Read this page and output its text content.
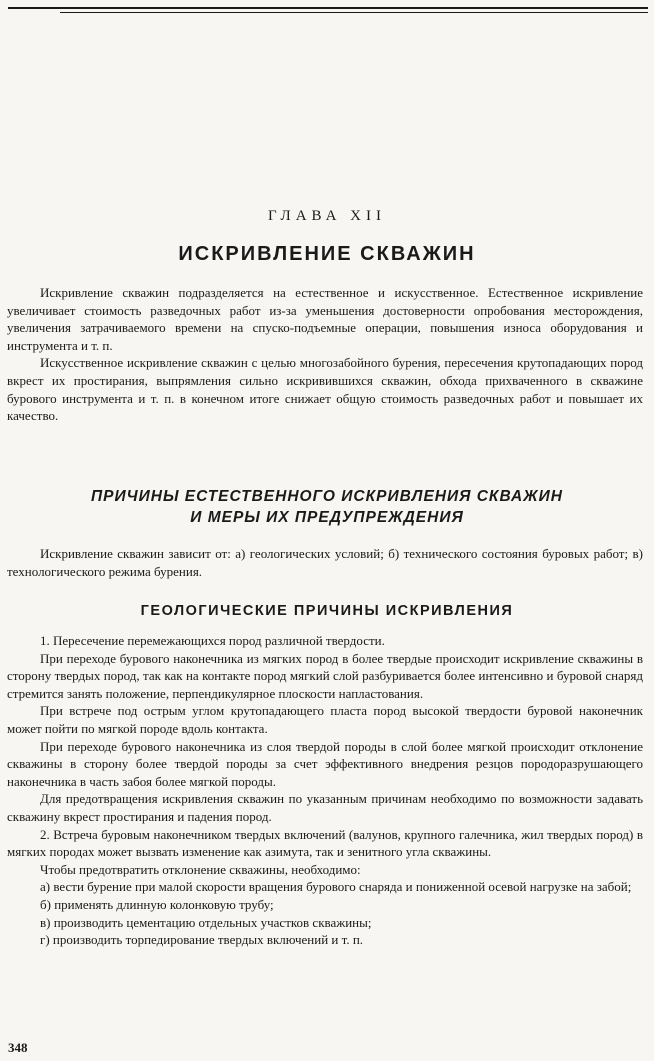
ГЛАВА XII
ИСКРИВЛЕНИЕ СКВАЖИН

Искривление скважин подразделяется на естественное и искусственное. Естественное искривление увеличивает стоимость разведочных работ из-за уменьшения достоверности опробования месторождения, увеличения затрачиваемого времени на спуско-подъемные операции, повышения износа оборудования и инструмента и т. п.

Искусственное искривление скважин с целью многозабойного бурения, пересечения крутопадающих пород вкрест их простирания, выпрямления сильно искривившихся скважин, обхода прихваченного в скважине бурового инструмента и т. п. в конечном итоге снижает общую стоимость разведочных работ и повышает их качество.

ПРИЧИНЫ ЕСТЕСТВЕННОГО ИСКРИВЛЕНИЯ СКВАЖИН
И МЕРЫ ИХ ПРЕДУПРЕЖДЕНИЯ

Искривление скважин зависит от: а) геологических условий; б) технического состояния буровых работ; в) технологического режима бурения.

ГЕОЛОГИЧЕСКИЕ ПРИЧИНЫ ИСКРИВЛЕНИЯ

1. Пересечение перемежающихся пород различной твердости.

При переходе бурового наконечника из мягких пород в более твердые происходит искривление скважины в сторону твердых пород, так как на контакте пород мягкий слой разбуривается более интенсивно и буровой снаряд стремится занять положение, перпендикулярное плоскости напластования.

При встрече под острым углом крутопадающего пласта пород высокой твердости буровой наконечник может пойти по мягкой породе вдоль контакта.

При переходе бурового наконечника из слоя твердой породы в слой более мягкой происходит отклонение скважины в сторону более твердой породы за счет эффективного внедрения резцов породоразрушающего наконечника в часть забоя более мягкой породы.

Для предотвращения искривления скважин по указанным причинам необходимо по возможности задавать скважину вкрест простирания и падения пород.

2. Встреча буровым наконечником твердых включений (валунов, крупного галечника, жил твердых пород) в мягких породах может вызвать изменение как азимута, так и зенитного угла скважины.

Чтобы предотвратить отклонение скважины, необходимо:

а) вести бурение при малой скорости вращения бурового снаряда и пониженной осевой нагрузке на забой;

б) применять длинную колонковую трубу;

в) производить цементацию отдельных участков скважины;

г) производить торпедирование твердых включений и т. п.

348
